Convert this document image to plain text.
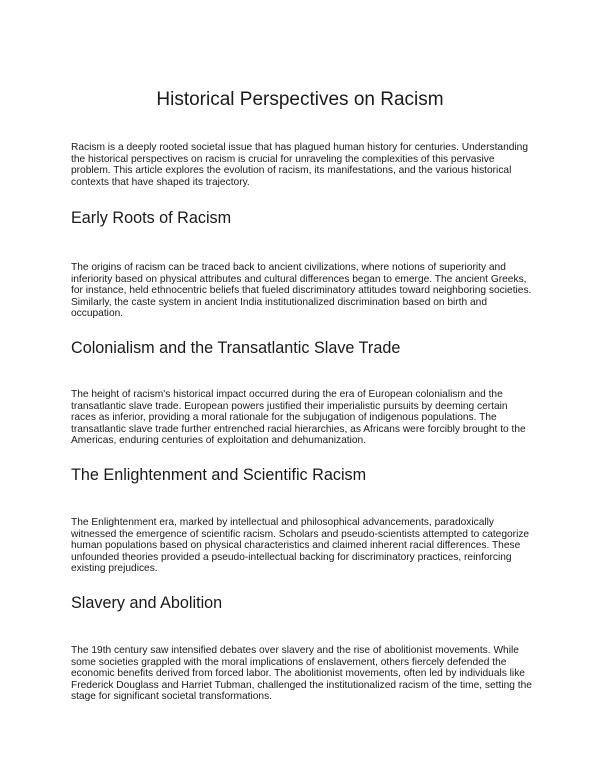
Historical Perspectives on Racism
Racism is a deeply rooted societal issue that has plagued human history for centuries. Understanding the historical perspectives on racism is crucial for unraveling the complexities of this pervasive problem. This article explores the evolution of racism, its manifestations, and the various historical contexts that have shaped its trajectory.
Early Roots of Racism
The origins of racism can be traced back to ancient civilizations, where notions of superiority and inferiority based on physical attributes and cultural differences began to emerge. The ancient Greeks, for instance, held ethnocentric beliefs that fueled discriminatory attitudes toward neighboring societies. Similarly, the caste system in ancient India institutionalized discrimination based on birth and occupation.
Colonialism and the Transatlantic Slave Trade
The height of racism's historical impact occurred during the era of European colonialism and the transatlantic slave trade. European powers justified their imperialistic pursuits by deeming certain races as inferior, providing a moral rationale for the subjugation of indigenous populations. The transatlantic slave trade further entrenched racial hierarchies, as Africans were forcibly brought to the Americas, enduring centuries of exploitation and dehumanization.
The Enlightenment and Scientific Racism
The Enlightenment era, marked by intellectual and philosophical advancements, paradoxically witnessed the emergence of scientific racism. Scholars and pseudo-scientists attempted to categorize human populations based on physical characteristics and claimed inherent racial differences. These unfounded theories provided a pseudo-intellectual backing for discriminatory practices, reinforcing existing prejudices.
Slavery and Abolition
The 19th century saw intensified debates over slavery and the rise of abolitionist movements. While some societies grappled with the moral implications of enslavement, others fiercely defended the economic benefits derived from forced labor. The abolitionist movements, often led by individuals like Frederick Douglass and Harriet Tubman, challenged the institutionalized racism of the time, setting the stage for significant societal transformations.
